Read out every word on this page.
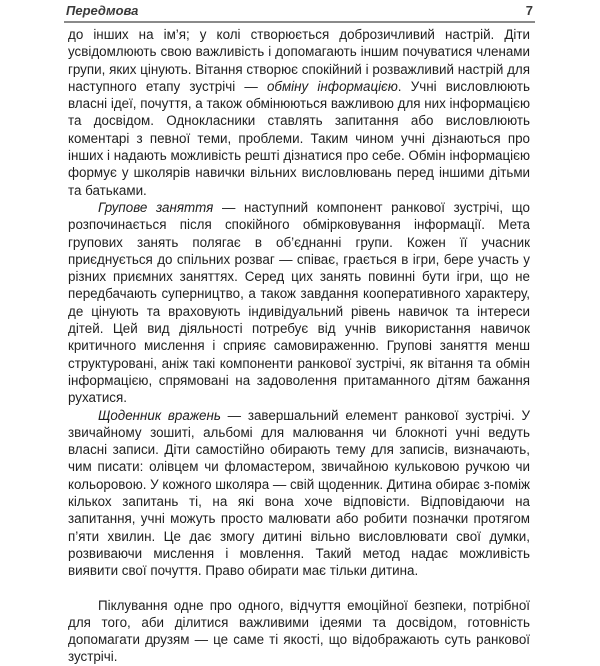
Передмова	7

до інших на ім’я; у колі створюється доброзичливий настрій. Діти усвідомлюють свою важливість і допомагають іншим почуватися членами групи, яких цінують. Вітання створює спокійний і розважливий настрій для наступного етапу зустрічі — обміну інформацією. Учні висловлюють власні ідеї, почуття, а також обмінюються важливою для них інформацією та досвідом. Однокласники ставлять запитання або висловлюють коментарі з певної теми, проблеми. Таким чином учні дізнаються про інших і надають можливість решті дізнатися про себе. Обмін інформацією формує у школярів навички вільних висловлювань перед іншими дітьми та батьками.

Групове заняття — наступний компонент ранкової зустрічі, що розпочинається після спокійного обмірковування інформації. Мета групових занять полягає в об’єднанні групи. Кожен її учасник приєднується до спільних розваг — співає, грається в ігри, бере участь у різних приємних заняттях. Серед цих занять повинні бути ігри, що не передбачають суперництво, а також завдання кооперативного характеру, де цінують та враховують індивідуальний рівень навичок та інтереси дітей. Цей вид діяльності потребує від учнів використання навичок критичного мислення і сприяє самовираженню. Групові заняття менш структуровані, аніж такі компоненти ранкової зустрічі, як вітання та обмін інформацією, спрямовані на задоволення притаманного дітям бажання рухатися.

Щоденник вражень — завершальний елемент ранкової зустрічі. У звичайному зошиті, альбомі для малювання чи блокноті учні ведуть власні записи. Діти самостійно обирають тему для записів, визначають, чим писати: олівцем чи фломастером, звичайною кульковою ручкою чи кольоровою. У кожного школяра — свій щоденник. Дитина обирає з-поміж кількох запитань ті, на які вона хоче відповісти. Відповідаючи на запитання, учні можуть просто малювати або робити позначки протягом п’яти хвилин. Це дає змогу дитині вільно висловлювати свої думки, розвиваючи мислення і мовлення. Такий метод надає можливість виявити свої почуття. Право обирати має тільки дитина.

Піклування одне про одного, відчуття емоційної безпеки, потрібної для того, аби ділитися важливими ідеями та досвідом, готовність допомагати друзям — це саме ті якості, що відображають суть ранкової зустрічі.
